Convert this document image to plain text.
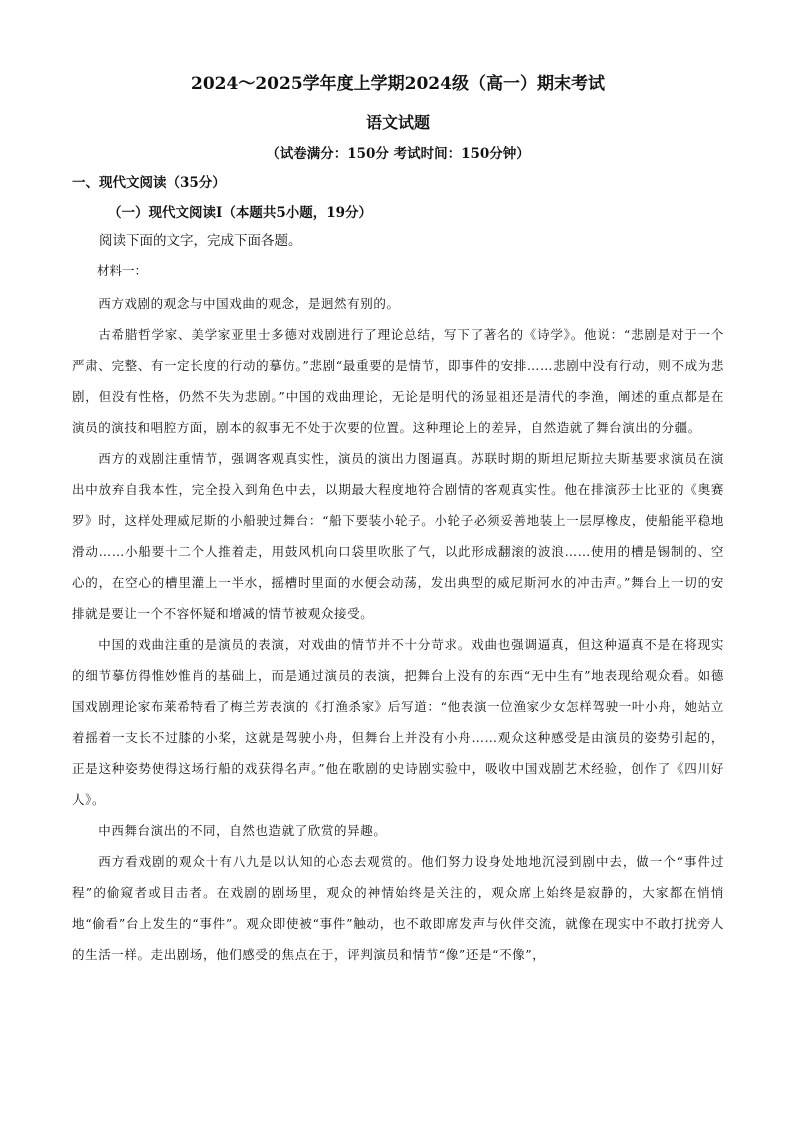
2024～2025学年度上学期2024级（高一）期末考试
语文试题

（试卷满分：150分 考试时间：150分钟）

一、现代文阅读（35分）

（一）现代文阅读Ⅰ（本题共5小题，19分）

阅读下面的文字，完成下面各题。

材料一：

西方戏剧的观念与中国戏曲的观念，是迥然有别的。

古希腊哲学家、美学家亚里士多德对戏剧进行了理论总结，写下了著名的《诗学》。他说：“悲剧是对于一个严肃、完整、有一定长度的行动的摹仿。”悲剧“最重要的是情节，即事件的安排……悲剧中没有行动，则不成为悲剧，但没有性格，仍然不失为悲剧。”中国的戏曲理论，无论是明代的汤显祖还是清代的李渔，阐述的重点都是在演员的演技和唱腔方面，剧本的叙事无不处于次要的位置。这种理论上的差异，自然造就了舞台演出的分疆。

西方的戏剧注重情节，强调客观真实性，演员的演出力图逼真。苏联时期的斯坦尼斯拉夫斯基要求演员在演出中放弃自我本性，完全投入到角色中去，以期最大程度地符合剧情的客观真实性。他在排演莎士比亚的《奥赛罗》时，这样处理威尼斯的小船驶过舞台：“船下要装小轮子。小轮子必须妥善地装上一层厚橡皮，使船能平稳地滑动……小船要十二个人推着走，用鼓风机向口袋里吹胀了气，以此形成翻滚的波浪……使用的槽是锡制的、空心的，在空心的槽里灌上一半水，摇槽时里面的水便会动荡，发出典型的威尼斯河水的冲击声。”舞台上一切的安排就是要让一个不容怀疑和增减的情节被观众接受。

中国的戏曲注重的是演员的表演，对戏曲的情节并不十分苛求。戏曲也强调逼真，但这种逼真不是在将现实的细节摹仿得惟妙惟肖的基础上，而是通过演员的表演，把舞台上没有的东西“无中生有”地表现给观众看。如德国戏剧理论家布莱希特看了梅兰芳表演的《打渔杀家》后写道：“他表演一位渔家少女怎样驾驶一叶小舟，她站立着摇着一支长不过膝的小桨，这就是驾驶小舟，但舞台上并没有小舟……观众这种感受是由演员的姿势引起的，正是这种姿势使得这场行船的戏获得名声。”他在歌剧的史诗剧实验中，吸收中国戏剧艺术经验，创作了《四川好人》。

中西舞台演出的不同，自然也造就了欣赏的异趣。

西方看戏剧的观众十有八九是以认知的心态去观赏的。他们努力设身处地地沉浸到剧中去，做一个“事件过程”的偷窥者或目击者。在戏剧的剧场里，观众的神情始终是关注的，观众席上始终是寂静的，大家都在悄悄地“偷看”台上发生的“事件”。观众即使被“事件”触动，也不敢即席发声与伙伴交流，就像在现实中不敢打扰旁人的生活一样。走出剧场，他们感受的焦点在于，评判演员和情节“像”还是“不像”，
